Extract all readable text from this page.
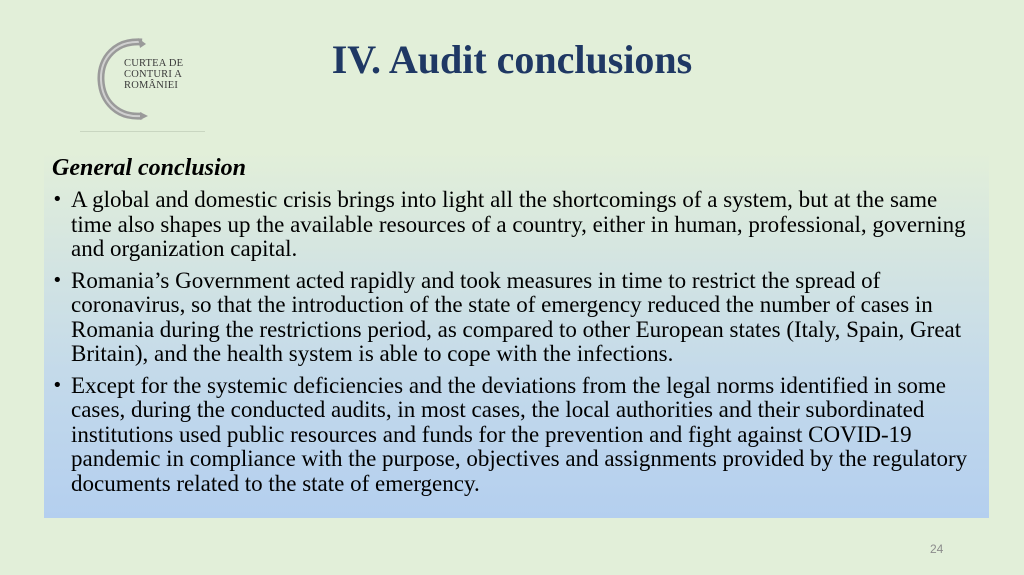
CURTEA DE
CONTURI A
ROMÂNIEI
IV. Audit conclusions
General conclusion
• A global and domestic crisis brings into light all the shortcomings of a system, but at the same time also shapes up the available resources of a country, either in human, professional, governing and organization capital.
• Romania’s Government acted rapidly and took measures in time to restrict the spread of coronavirus, so that the introduction of the state of emergency reduced the number of cases in Romania during the restrictions period, as compared to other European states (Italy, Spain, Great Britain), and the health system is able to cope with the infections.
• Except for the systemic deficiencies and the deviations from the legal norms identified in some cases, during the conducted audits, in most cases, the local authorities and their subordinated institutions used public resources and funds for the prevention and fight against COVID-19 pandemic in compliance with the purpose, objectives and assignments provided by the regulatory documents related to the state of emergency.
24
